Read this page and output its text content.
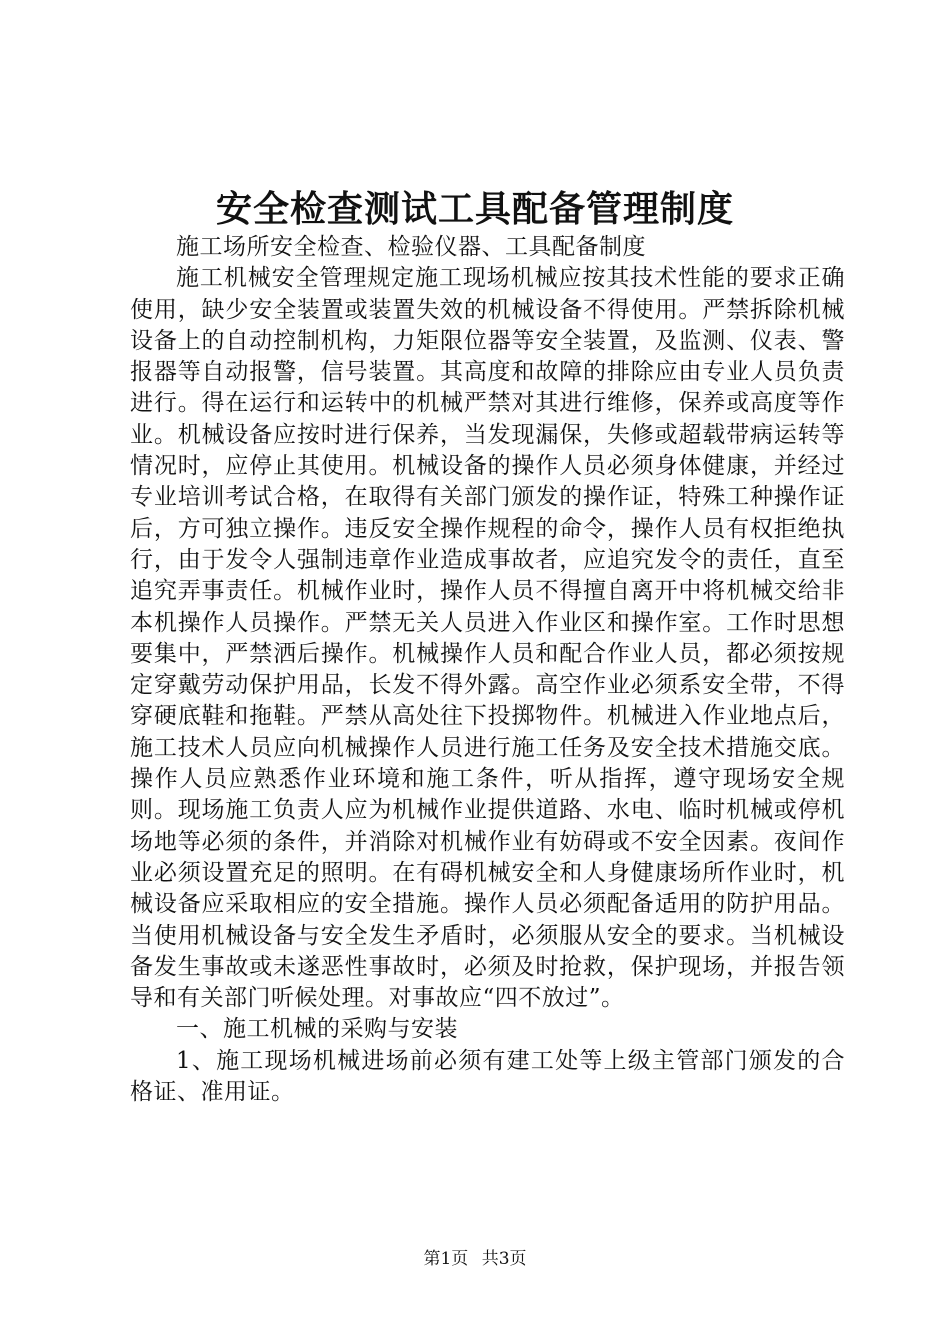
安全检查测试工具配备管理制度

施工场所安全检查、检验仪器、工具配备制度

施工机械安全管理规定施工现场机械应按其技术性能的要求正确使用，缺少安全装置或装置失效的机械设备不得使用。严禁拆除机械设备上的自动控制机构，力矩限位器等安全装置，及监测、仪表、警报器等自动报警，信号装置。其高度和故障的排除应由专业人员负责进行。得在运行和运转中的机械严禁对其进行维修，保养或高度等作业。机械设备应按时进行保养，当发现漏保，失修或超载带病运转等情况时，应停止其使用。机械设备的操作人员必须身体健康，并经过专业培训考试合格，在取得有关部门颁发的操作证，特殊工种操作证后，方可独立操作。违反安全操作规程的命令，操作人员有权拒绝执行，由于发令人强制违章作业造成事故者，应追究发令的责任，直至追究弄事责任。机械作业时，操作人员不得擅自离开中将机械交给非本机操作人员操作。严禁无关人员进入作业区和操作室。工作时思想要集中，严禁洒后操作。机械操作人员和配合作业人员，都必须按规定穿戴劳动保护用品，长发不得外露。高空作业必须系安全带，不得穿硬底鞋和拖鞋。严禁从高处往下投掷物件。机械进入作业地点后，施工技术人员应向机械操作人员进行施工任务及安全技术措施交底。操作人员应熟悉作业环境和施工条件，听从指挥，遵守现场安全规则。现场施工负责人应为机械作业提供道路、水电、临时机械或停机场地等必须的条件，并消除对机械作业有妨碍或不安全因素。夜间作业必须设置充足的照明。在有碍机械安全和人身健康场所作业时，机械设备应采取相应的安全措施。操作人员必须配备适用的防护用品。当使用机械设备与安全发生矛盾时，必须服从安全的要求。当机械设备发生事故或未遂恶性事故时，必须及时抢救，保护现场，并报告领导和有关部门听候处理。对事故应“四不放过”。

一、施工机械的采购与安装

1、施工现场机械进场前必须有建工处等上级主管部门颁发的合格证、准用证。

第1页 共3页
